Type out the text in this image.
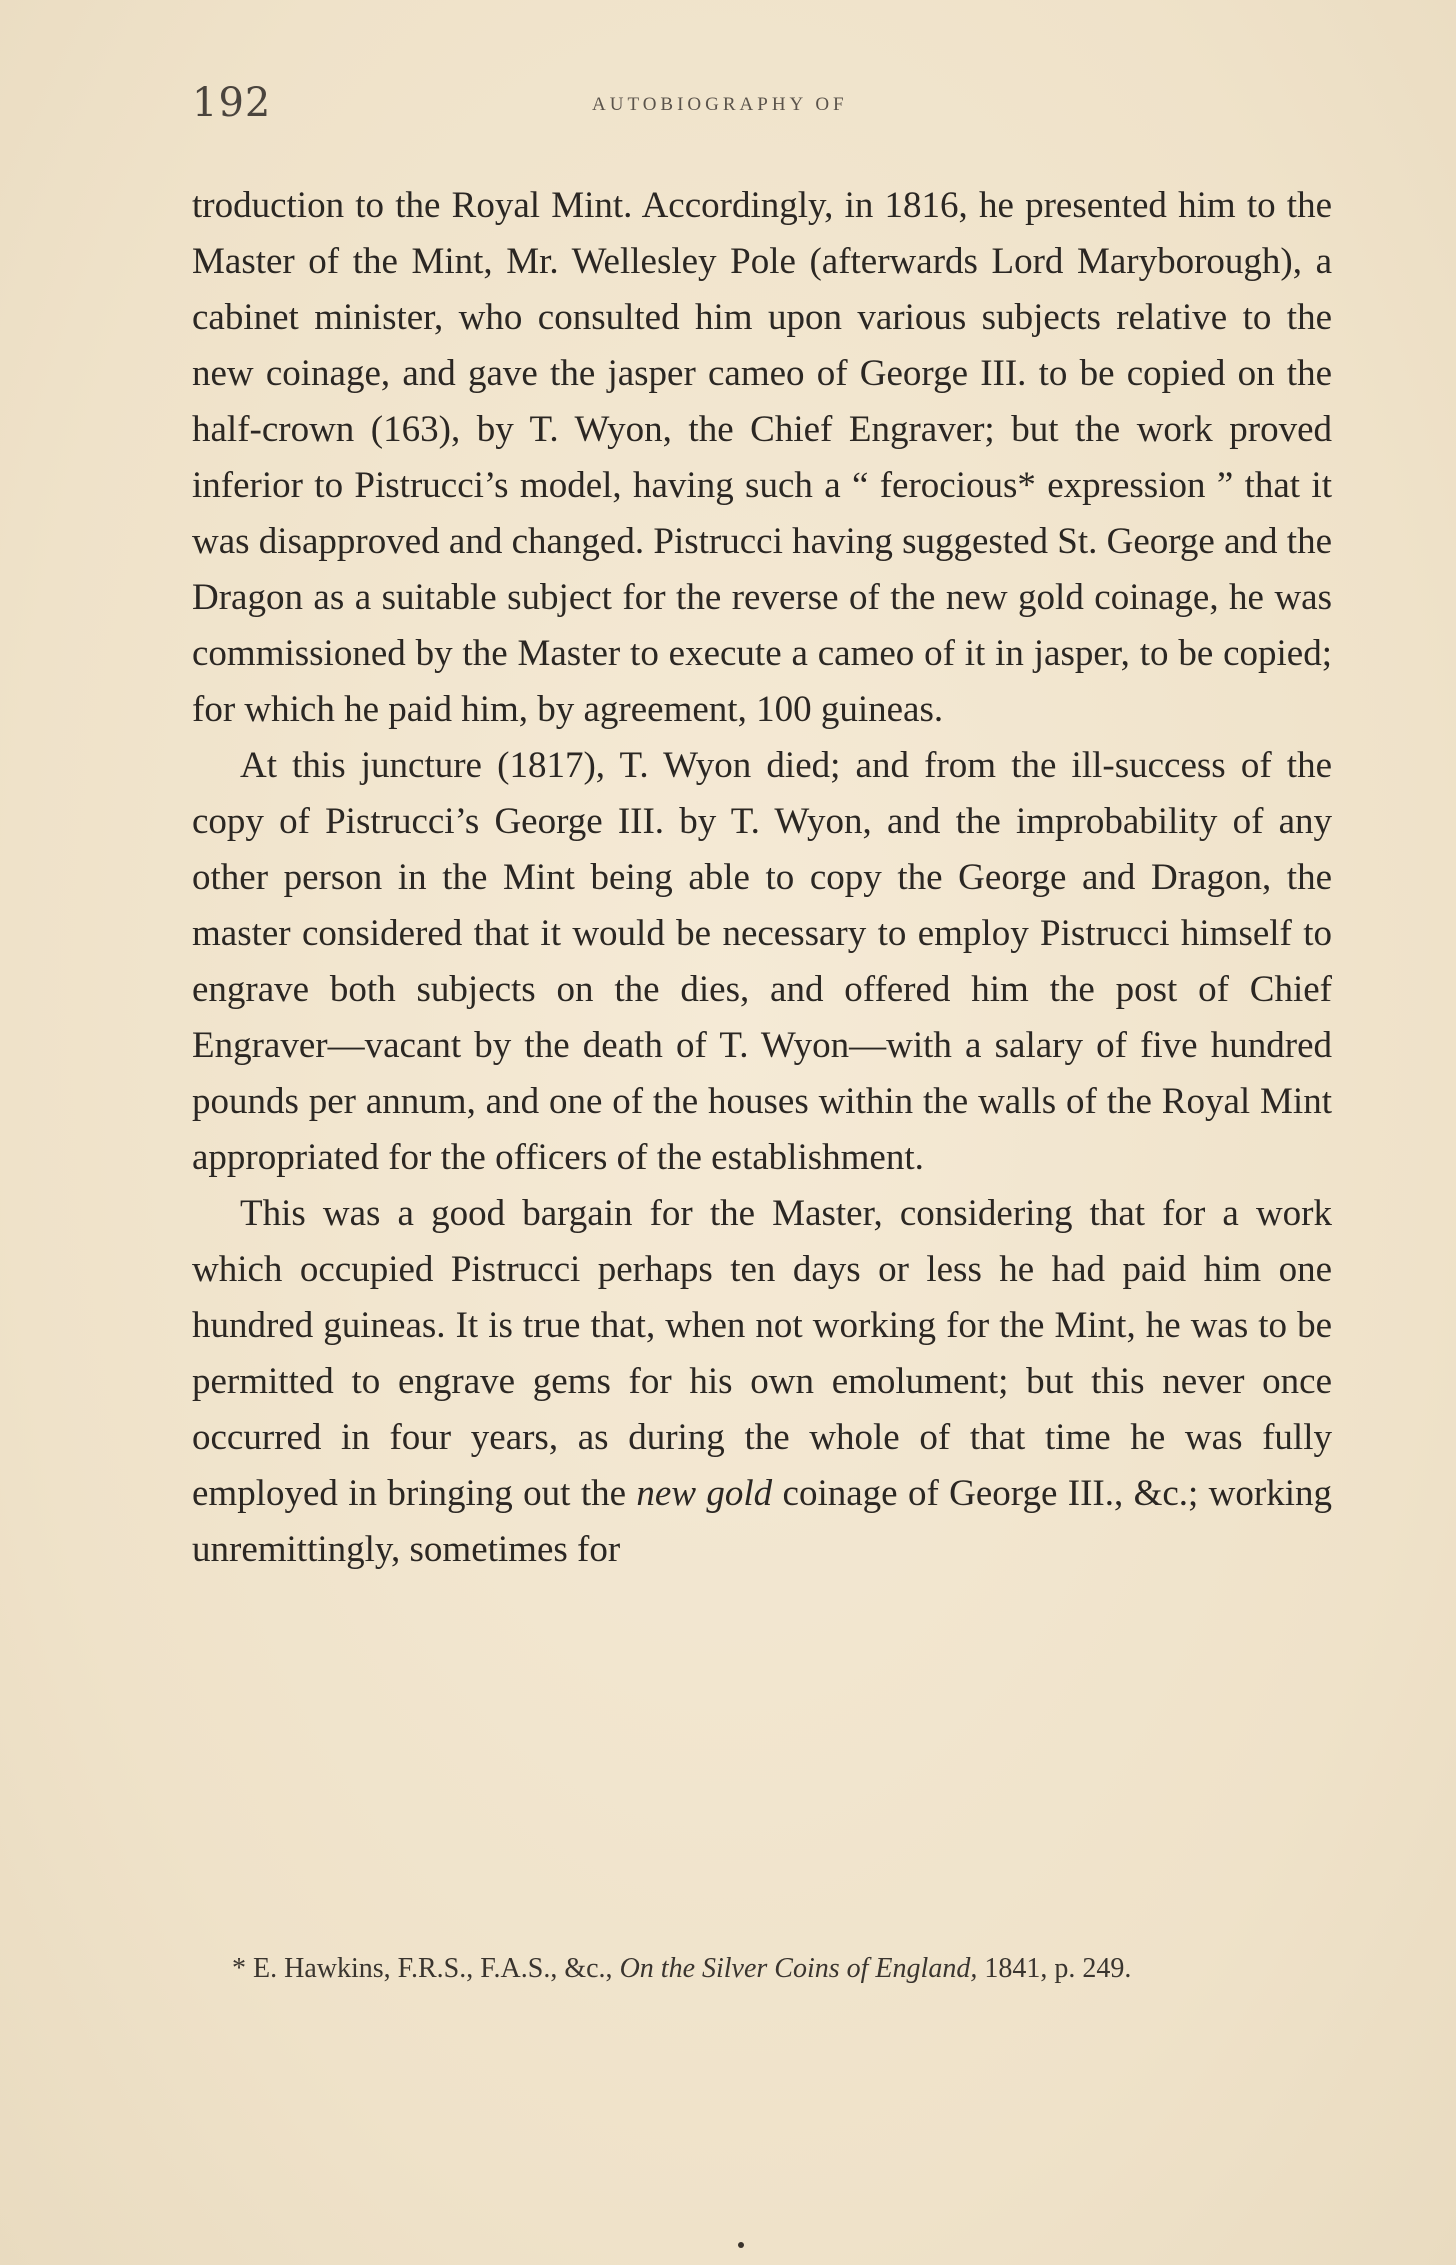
192	AUTOBIOGRAPHY OF

troduction to the Royal Mint. Accordingly, in 1816, he presented him to the Master of the Mint, Mr. Wellesley Pole (afterwards Lord Maryborough), a cabinet minister, who consulted him upon various subjects relative to the new coinage, and gave the jasper cameo of George III. to be copied on the half-crown (163), by T. Wyon, the Chief Engraver; but the work proved inferior to Pistrucci’s model, having such a “ ferocious* expression ” that it was disapproved and changed. Pistrucci having suggested St. George and the Dragon as a suitable subject for the reverse of the new gold coinage, he was commissioned by the Master to execute a cameo of it in jasper, to be copied; for which he paid him, by agreement, 100 guineas.

At this juncture (1817), T. Wyon died; and from the ill-success of the copy of Pistrucci’s George III. by T. Wyon, and the improbability of any other person in the Mint being able to copy the George and Dragon, the master considered that it would be necessary to employ Pistrucci himself to engrave both subjects on the dies, and offered him the post of Chief Engraver—vacant by the death of T. Wyon—with a salary of five hundred pounds per annum, and one of the houses within the walls of the Royal Mint appropriated for the officers of the establishment.

This was a good bargain for the Master, considering that for a work which occupied Pistrucci perhaps ten days or less he had paid him one hundred guineas. It is true that, when not working for the Mint, he was to be permitted to engrave gems for his own emolument; but this never once occurred in four years, as during the whole of that time he was fully employed in bringing out the new gold coinage of George III., &c.; working unremittingly, sometimes for

* E. Hawkins, F.R.S., F.A.S., &c., On the Silver Coins of England, 1841, p. 249.
